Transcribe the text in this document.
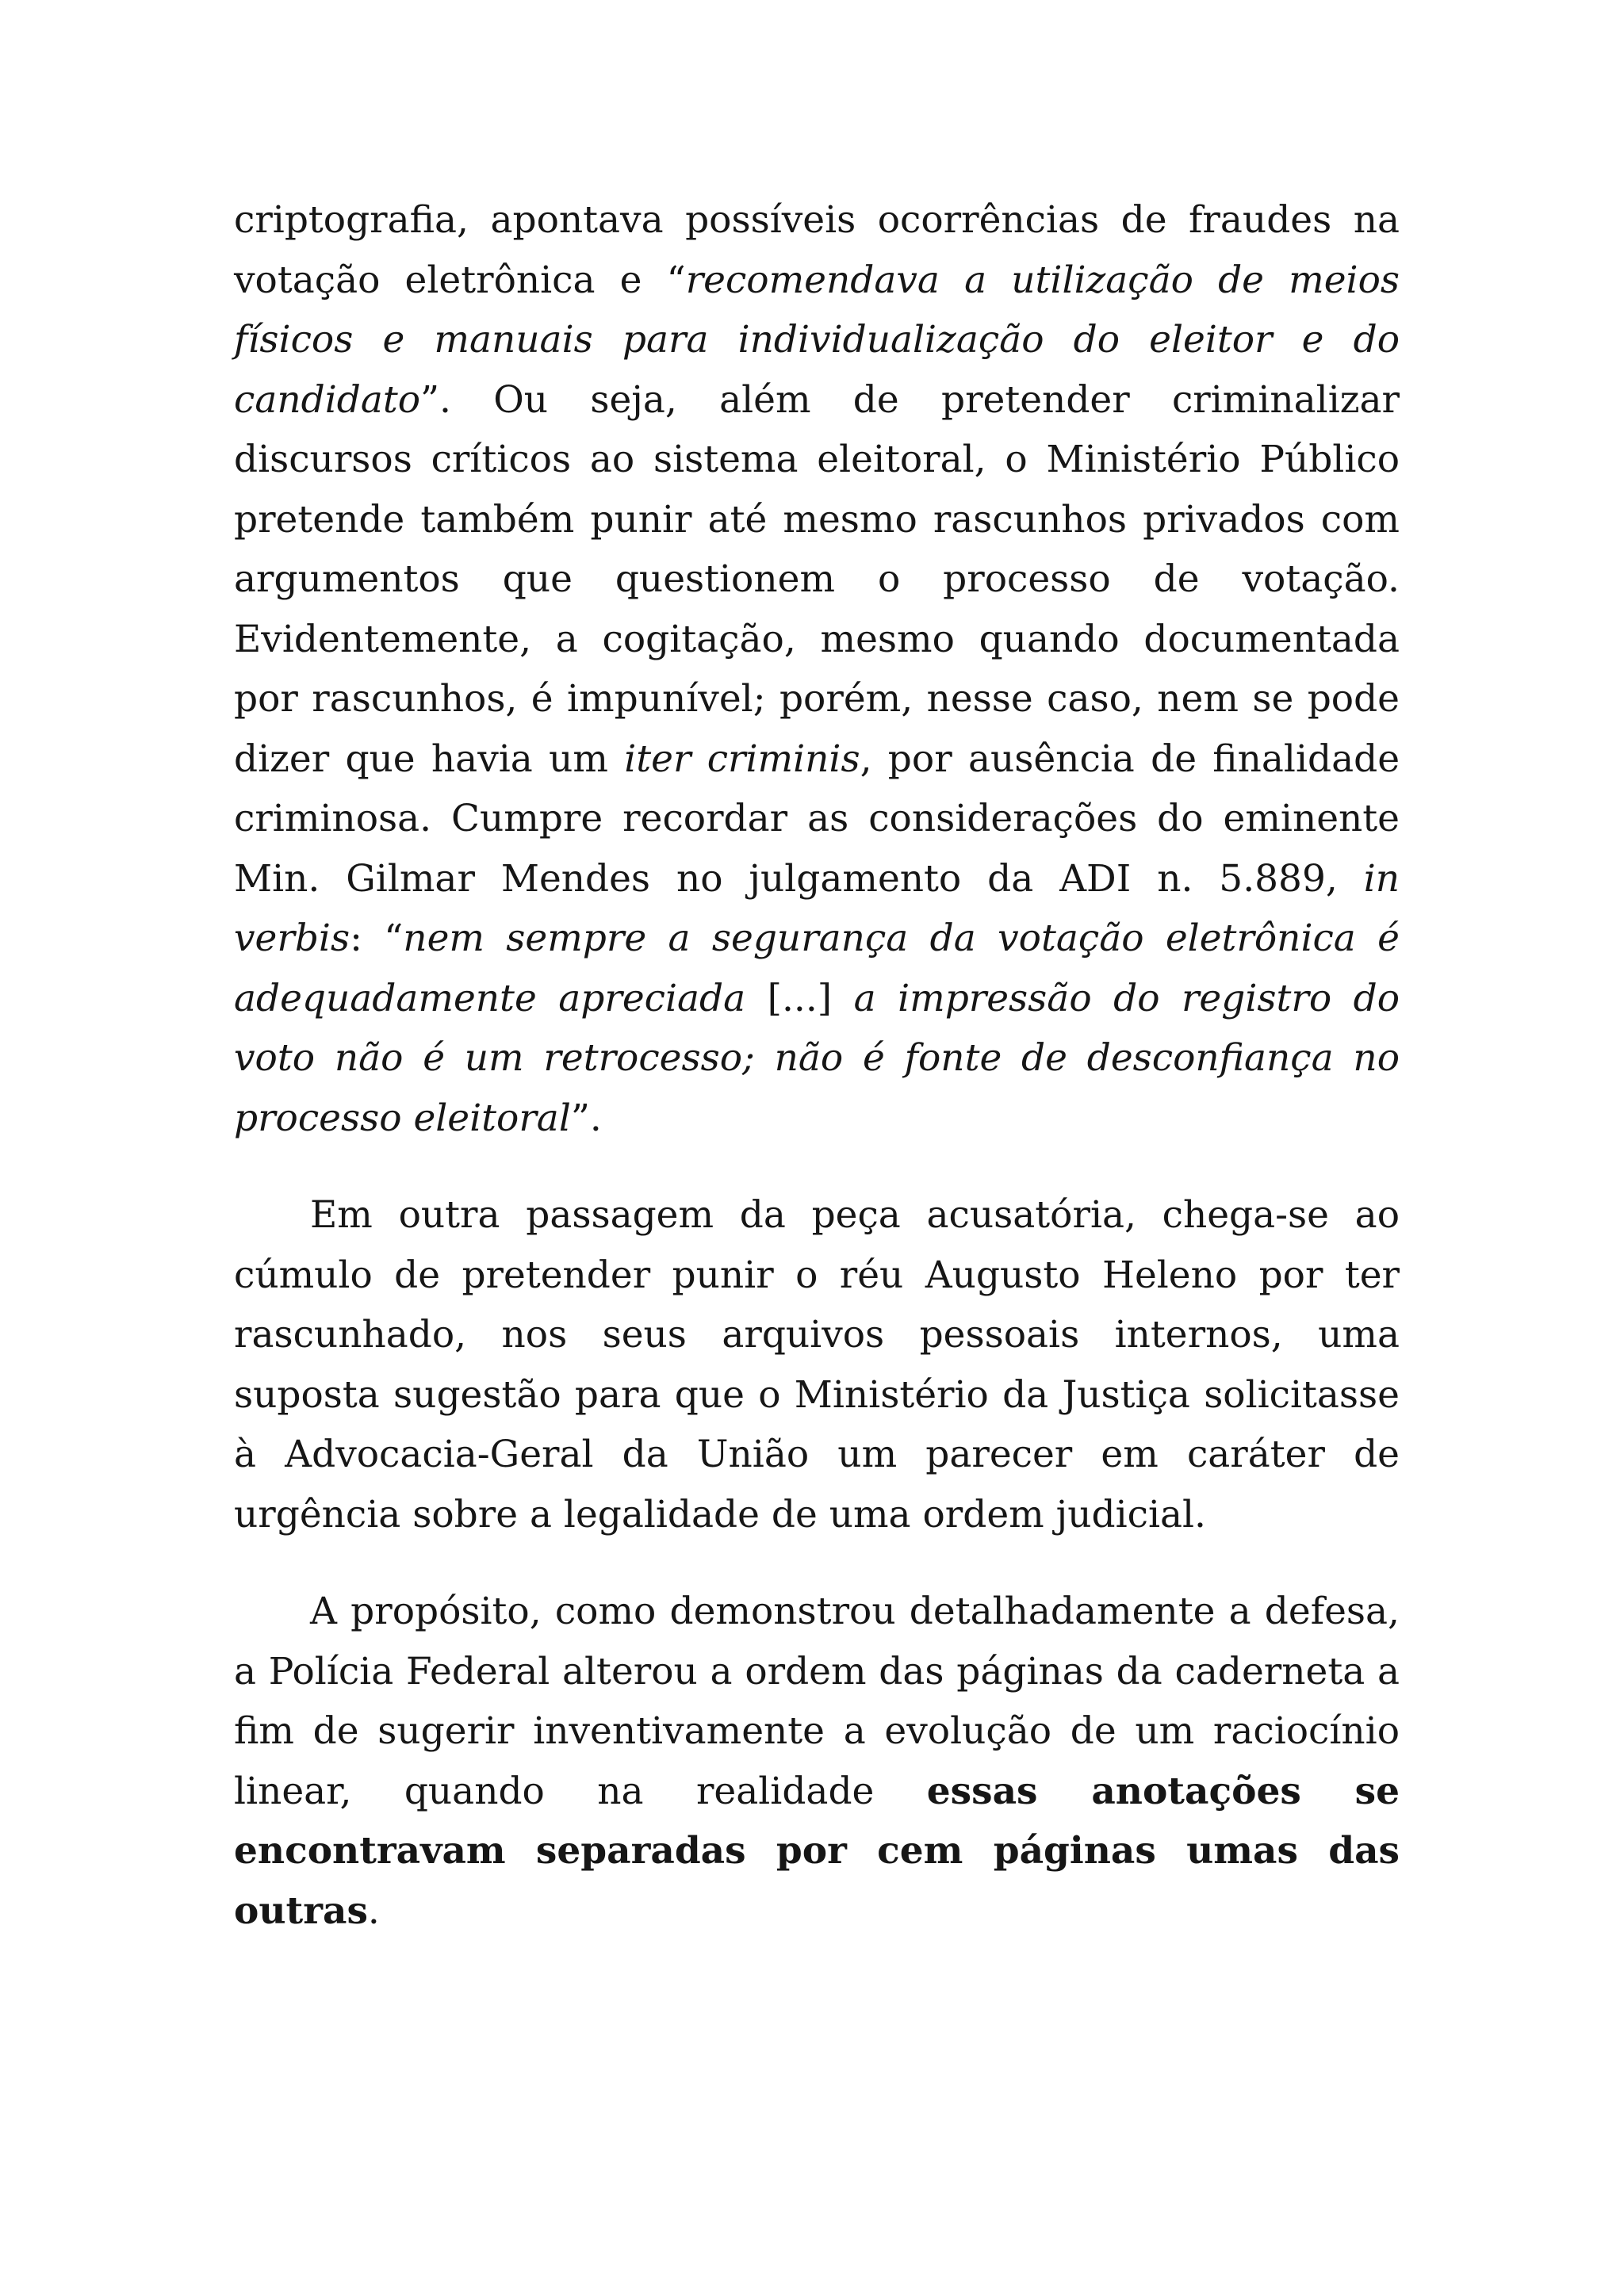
criptografia, apontava possíveis ocorrências de fraudes na votação eletrônica e “recomendava a utilização de meios físicos e manuais para individualização do eleitor e do candidato”. Ou seja, além de pretender criminalizar discursos críticos ao sistema eleitoral, o Ministério Público pretende também punir até mesmo rascunhos privados com argumentos que questionem o processo de votação. Evidentemente, a cogitação, mesmo quando documentada por rascunhos, é impunível; porém, nesse caso, nem se pode dizer que havia um iter criminis, por ausência de finalidade criminosa. Cumpre recordar as considerações do eminente Min. Gilmar Mendes no julgamento da ADI n. 5.889, in verbis: “nem sempre a segurança da votação eletrônica é adequadamente apreciada [...] a impressão do registro do voto não é um retrocesso; não é fonte de desconfiança no processo eleitoral”.

Em outra passagem da peça acusatória, chega-se ao cúmulo de pretender punir o réu Augusto Heleno por ter rascunhado, nos seus arquivos pessoais internos, uma suposta sugestão para que o Ministério da Justiça solicitasse à Advocacia-Geral da União um parecer em caráter de urgência sobre a legalidade de uma ordem judicial.

A propósito, como demonstrou detalhadamente a defesa, a Polícia Federal alterou a ordem das páginas da caderneta a fim de sugerir inventivamente a evolução de um raciocínio linear, quando na realidade essas anotações se encontravam separadas por cem páginas umas das outras.
